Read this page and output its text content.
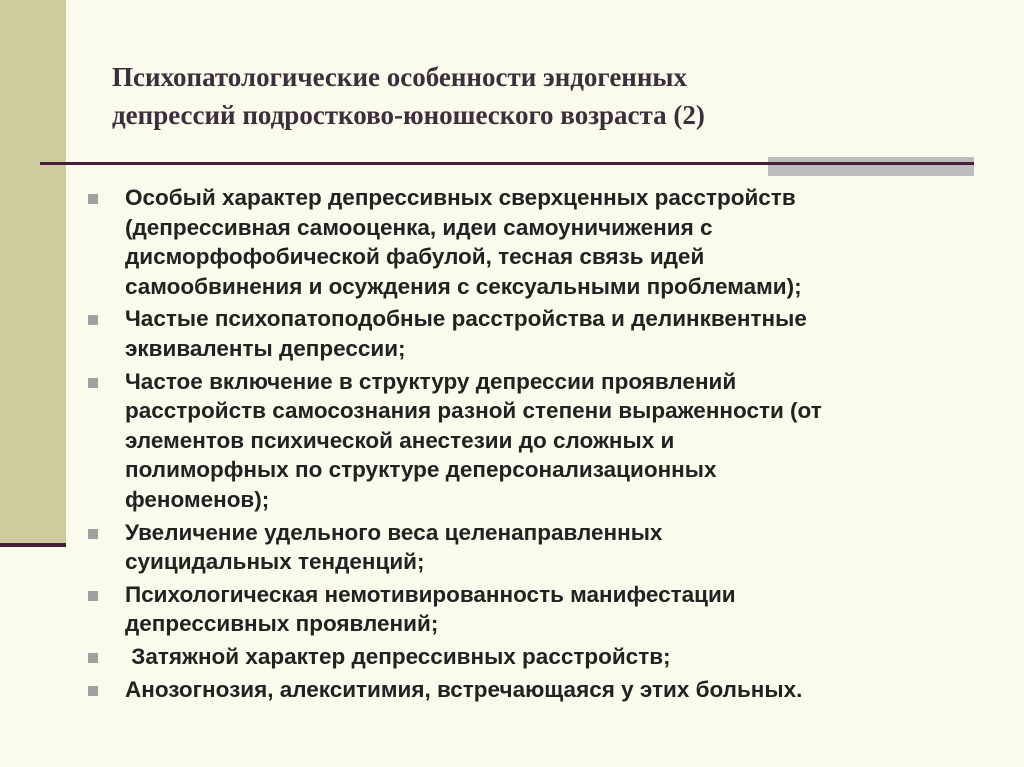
Психопатологические особенности эндогенных
депрессий подростково-юношеского возраста (2)
Особый характер депрессивных сверхценных расстройств
(депрессивная самооценка, идеи самоуничижения с
дисморфофобической фабулой, тесная связь идей
самообвинения и осуждения с сексуальными проблемами);
Частые психопатоподобные расстройства и делинквентные
эквиваленты депрессии;
Частое включение в структуру депрессии проявлений
расстройств самосознания разной степени выраженности (от
элементов психической анестезии до сложных и
полиморфных по структуре деперсонализационных
феноменов);
Увеличение удельного веса целенаправленных
суицидальных тенденций;
Психологическая немотивированность манифестации
депрессивных проявлений;
Затяжной характер депрессивных расстройств;
Анозогнозия, алекситимия, встречающаяся у этих больных.
